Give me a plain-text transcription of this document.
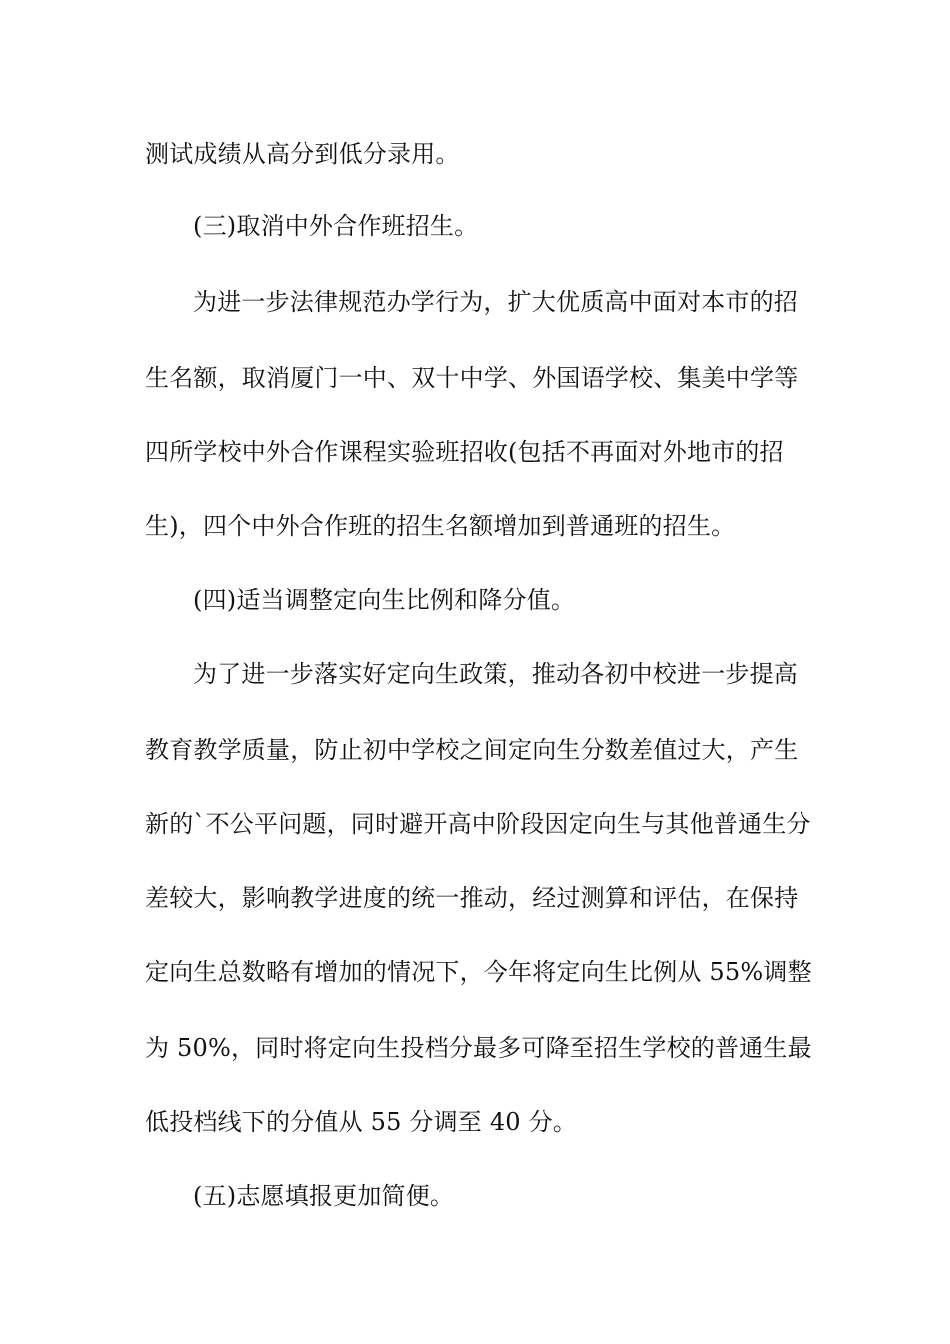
测试成绩从高分到低分录用。
(三)取消中外合作班招生。
为进一步法律规范办学行为，扩大优质高中面对本市的招
生名额，取消厦门一中、双十中学、外国语学校、集美中学等
四所学校中外合作课程实验班招收(包括不再面对外地市的招
生)，四个中外合作班的招生名额增加到普通班的招生。
(四)适当调整定向生比例和降分值。
为了进一步落实好定向生政策，推动各初中校进一步提高
教育教学质量，防止初中学校之间定向生分数差值过大，产生
新的`不公平问题，同时避开高中阶段因定向生与其他普通生分
差较大，影响教学进度的统一推动，经过测算和评估，在保持
定向生总数略有增加的情况下，今年将定向生比例从 55%调整
为 50%，同时将定向生投档分最多可降至招生学校的普通生最
低投档线下的分值从 55 分调至 40 分。
(五)志愿填报更加简便。
